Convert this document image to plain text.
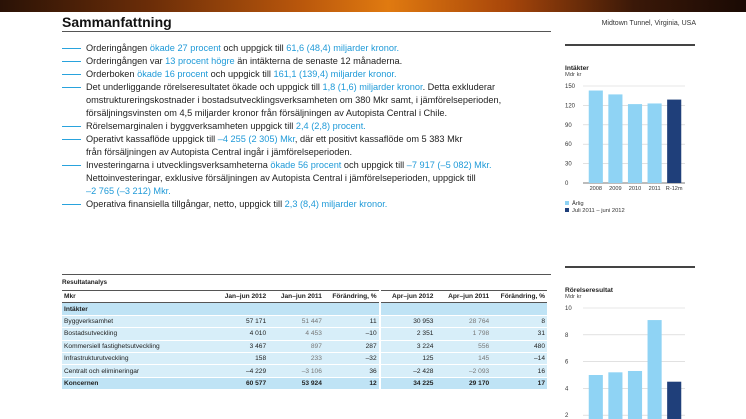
Sammanfattning	Midtown Tunnel, Virginia, USA
Orderingången ökade 27 procent och uppgick till 61,6 (48,4) miljarder kronor.
Orderingången var 13 procent högre än intäkterna de senaste 12 månaderna.
Orderboken ökade 16 procent och uppgick till 161,1 (139,4) miljarder kronor.
Det underliggande rörelseresultatet ökade och uppgick till 1,8 (1,6) miljarder kronor. Detta exkluderar
omstruktureringskostnader i bostadsutvecklingsverksamheten om 380 Mkr samt, i jämförelseperioden,
försäljningsvinsten om 4,5 miljarder kronor från försäljningen av Autopista Central i Chile.
Rörelsemarginalen i byggverksamheten uppgick till 2,4 (2,8) procent.
Operativt kassaflöde uppgick till –4 255 (2 305) Mkr, där ett positivt kassaflöde om 5 383 Mkr
från försäljningen av Autopista Central ingår i jämförelseperioden.
Investeringarna i utvecklingsverksamheterna ökade 56 procent och uppgick till –7 917 (–5 082) Mkr.
Nettoinvesteringar, exklusive försäljningen av Autopista Central i jämförelseperioden, uppgick till
–2 765 (–3 212) Mkr.
Operativa finansiella tillgångar, netto, uppgick till 2,3 (8,4) miljarder kronor.
Resultatanalys
Mkr	Jan–jun 2012	Jan–jun 2011	Förändring, %	Apr–jun 2012	Apr–jun 2011	Förändring, %
Intäkter						
Byggverksamhet	57 171	51 447	11	30 953	28 764	8
Bostadsutveckling	4 010	4 453	–10	2 351	1 798	31
Kommersiell fastighetsutveckling	3 467	897	287	3 224	556	480
Infrastrukturutveckling	158	233	–32	125	145	–14
Centralt och elimineringar	–4 229	–3 106	36	–2 428	–2 093	16
Koncernen	60 577	53 924	12	34 225	29 170	17
Intäkter
Mdr kr
150
120
90
60
30
0
2008 2009 2010 2011 R-12m
Årlig
Juli 2011 – juni 2012
Rörelseresultat
Mdr kr
10
8
6
4
2
